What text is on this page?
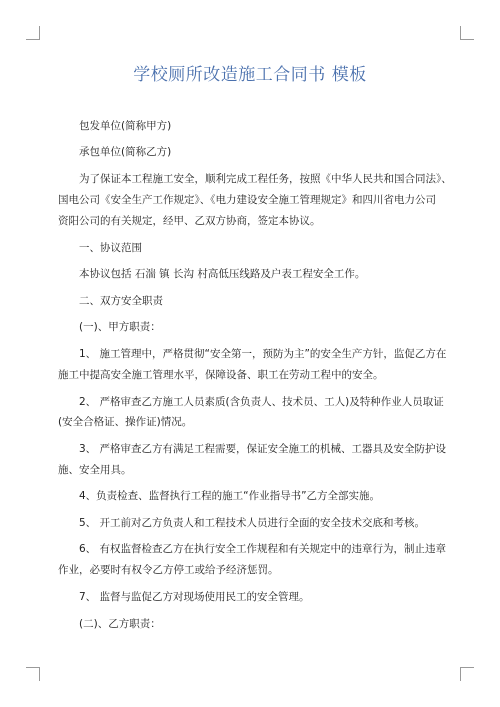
学校厕所改造施工合同书 模板
包发单位(简称甲方)
承包单位(简称乙方)
为了保证本工程施工安全，顺利完成工程任务，按照《中华人民共和国合同法》、
国电公司《安全生产工作规定》、《电力建设安全施工管理规定》和四川省电力公司
资阳公司的有关规定，经甲、乙双方协商，签定本协议。
一、协议范围
本协议包括 石湍 镇 长沟 村高低压线路及户表工程安全工作。
二、双方安全职责
(一)、甲方职责：
1、 施工管理中，严格贯彻“安全第一，预防为主”的安全生产方针，监促乙方在
施工中提高安全施工管理水平，保障设备、职工在劳动工程中的安全。
2、 严格审查乙方施工人员素质(含负责人、技术员、工人)及特种作业人员取证
(安全合格证、操作证)情况。
3、 严格审查乙方有满足工程需要，保证安全施工的机械、工器具及安全防护设
施、安全用具。
4、负责检查、监督执行工程的施工“作业指导书”乙方全部实施。
5、 开工前对乙方负责人和工程技术人员进行全面的安全技术交底和考核。
6、 有权监督检查乙方在执行安全工作规程和有关规定中的违章行为，制止违章
作业，必要时有权令乙方停工或给予经济惩罚。
7、 监督与监促乙方对现场使用民工的安全管理。
(二)、乙方职责：
